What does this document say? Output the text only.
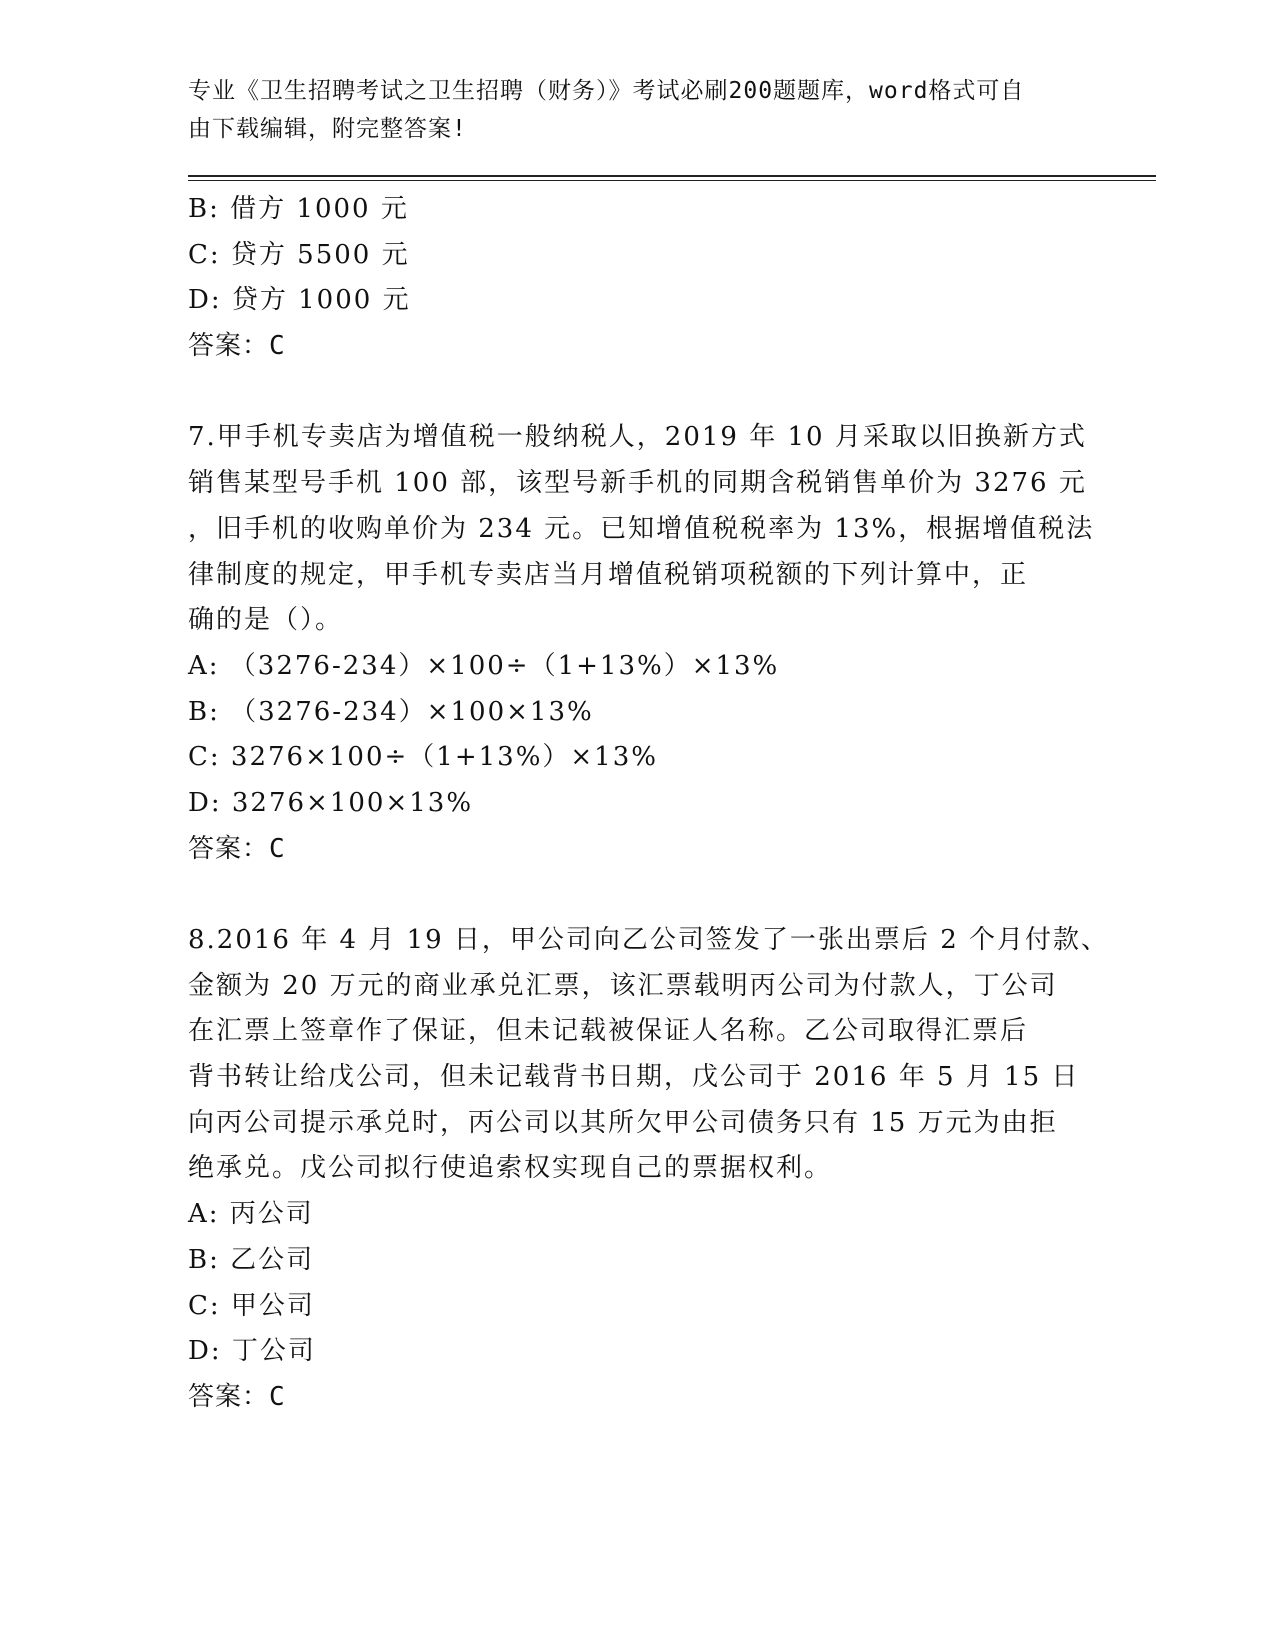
专业《卫生招聘考试之卫生招聘（财务）》考试必刷200题题库，word格式可自
由下载编辑，附完整答案!
B: 借方 1000 元
C: 贷方 5500 元
D: 贷方 1000 元
答案：C
7.甲手机专卖店为增值税一般纳税人，2019 年 10 月采取以旧换新方式
销售某型号手机 100 部，该型号新手机的同期含税销售单价为 3276 元
，旧手机的收购单价为 234 元。已知增值税税率为 13%，根据增值税法
律制度的规定，甲手机专卖店当月增值税销项税额的下列计算中，正
确的是（）。
A: （3276-234）×100÷（1+13%）×13%
B: （3276-234）×100×13%
C: 3276×100÷（1+13%）×13%
D: 3276×100×13%
答案：C
8.2016 年 4 月 19 日，甲公司向乙公司签发了一张出票后 2 个月付款、
金额为 20 万元的商业承兑汇票，该汇票载明丙公司为付款人，丁公司
在汇票上签章作了保证，但未记载被保证人名称。乙公司取得汇票后
背书转让给戊公司，但未记载背书日期，戊公司于 2016 年 5 月 15 日
向丙公司提示承兑时，丙公司以其所欠甲公司债务只有 15 万元为由拒
绝承兑。戊公司拟行使追索权实现自己的票据权利。
A: 丙公司
B: 乙公司
C: 甲公司
D: 丁公司
答案：C
